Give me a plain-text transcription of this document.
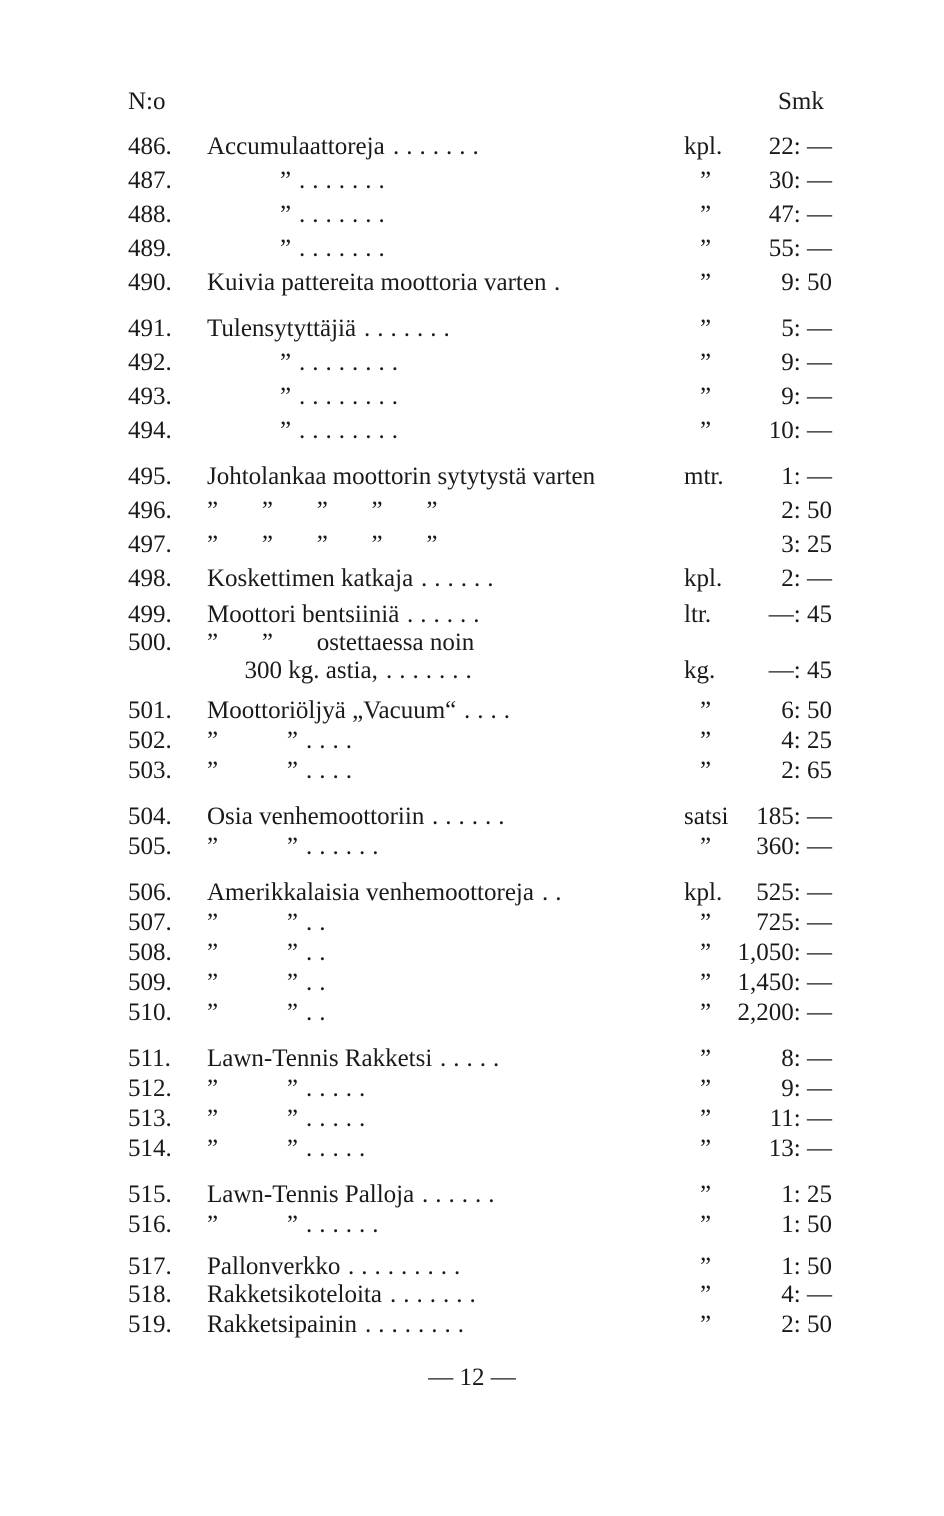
N:o	Smk
486. Accumulaattoreja .......	kpl. 22: —
487.	” .......	” 30: —
488.	” .......	” 47: —
489.	” .......	” 55: —
490. Kuivia pattereita moottoria varten .	”	9: 50
491. Tulensytyttäjiä .......	”	5: —
492.	” ........	”	9: —
493.	” ........	”	9: —
494.	” ........	” 10: —
495. Johtolankaa moottorin sytytystä varten	mtr. 1: —
496. ”       ”       ”       ”       ”	2: 50
497. ”       ”       ”       ”       ”	3: 25
498. Koskettimen katkaja ......	kpl. 2: —
499. Moottori bentsiiniä ......	ltr. —: 45
500. ”       ”       ostettaessa noin
300 kg. astia, .......	kg. —: 45
501. Moottoriöljyä „Vacuum“ ....	”	6: 50
502. ”           ” ....	”	4: 25
503. ”           ” ....	”	2: 65
504. Osia venhemoottoriin ......	satsi 185: —
505. ”           ” ......	” 360: —
506. Amerikkalaisia venhemoottoreja ..	kpl. 525: —
507. ”           ” ..	” 725: —
508. ”           ” ..	” 1,050: —
509. ”           ” ..	” 1,450: —
510. ”           ” ..	” 2,200: —
511. Lawn-Tennis Rakketsi .....	”	8: —
512. ”           ” .....	”	9: —
513. ”           ” .....	” 11: —
514. ”           ” .....	” 13: —
515. Lawn-Tennis Palloja ......	”	1: 25
516. ”           ” ......	”	1: 50
517. Pallonverkko .........	”	1: 50
518. Rakketsikoteloita .......	”	4: —
519. Rakketsipainin ........	”	2: 50
— 12 —
